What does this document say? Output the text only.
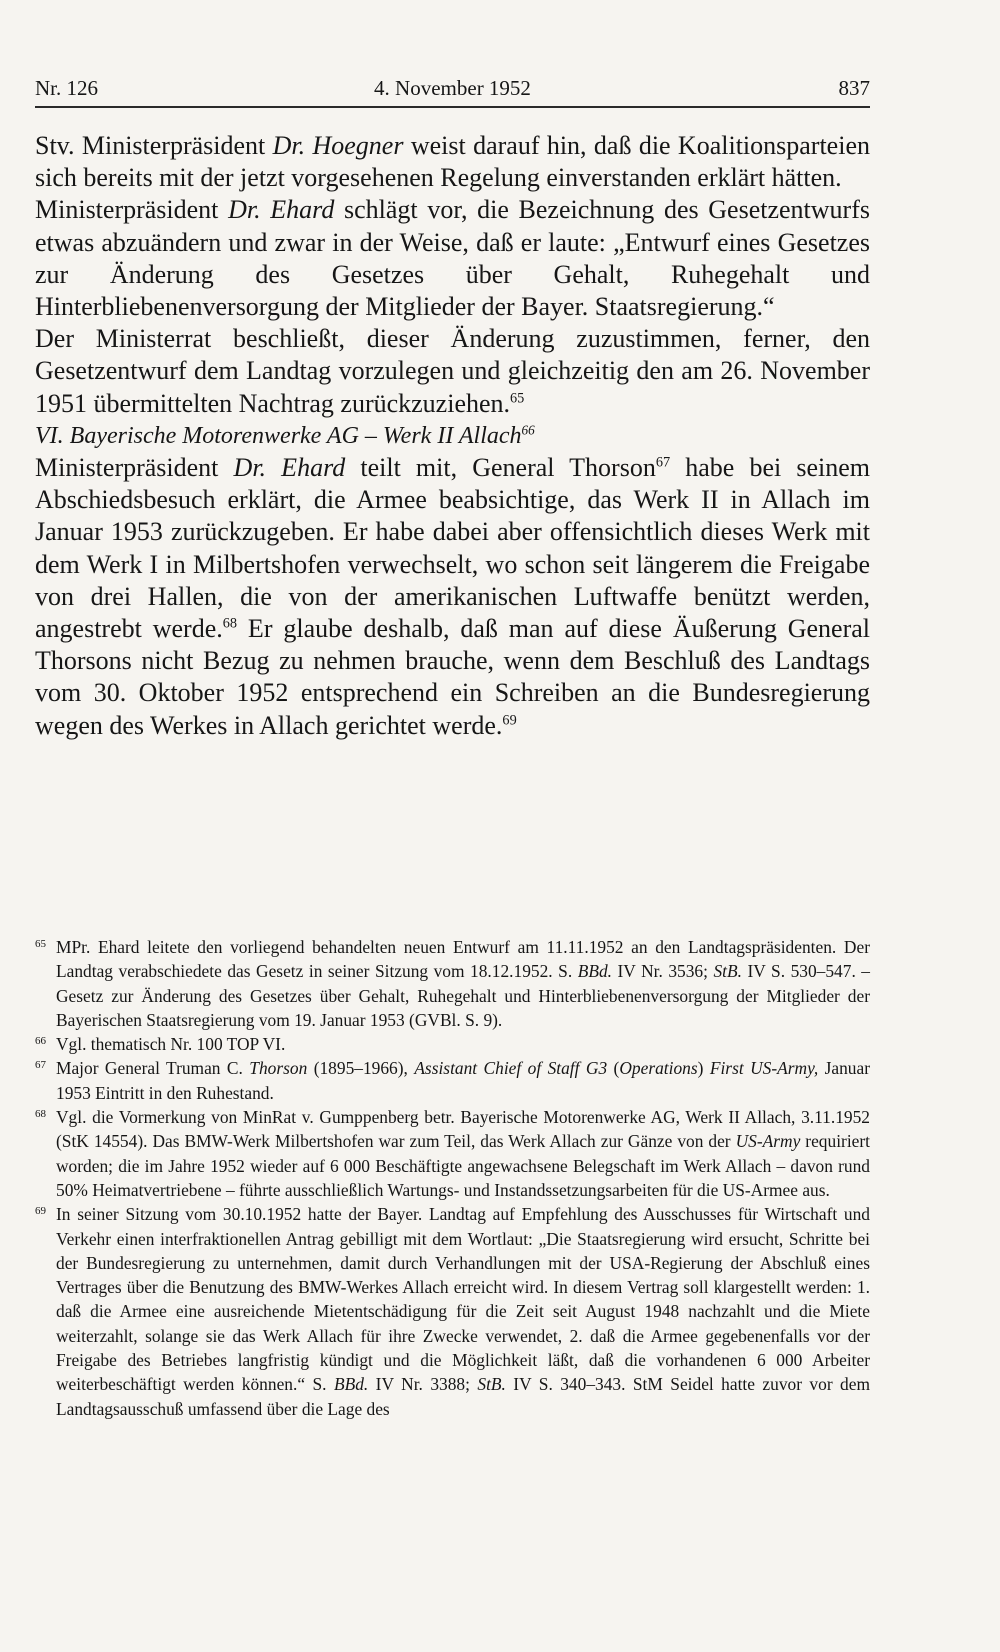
Nr. 126	4. November 1952	837

Stv. Ministerpräsident Dr. Hoegner weist darauf hin, daß die Koalitionsparteien sich bereits mit der jetzt vorgesehenen Regelung einverstanden erklärt hätten.

Ministerpräsident Dr. Ehard schlägt vor, die Bezeichnung des Gesetzentwurfs etwas abzuändern und zwar in der Weise, daß er laute: „Entwurf eines Gesetzes zur Änderung des Gesetzes über Gehalt, Ruhegehalt und Hinterbliebenenversorgung der Mitglieder der Bayer. Staatsregierung.“

Der Ministerrat beschließt, dieser Änderung zuzustimmen, ferner, den Gesetzentwurf dem Landtag vorzulegen und gleichzeitig den am 26. November 1951 übermittelten Nachtrag zurückzuziehen.$^{65}$

VI. Bayerische Motorenwerke AG – Werk II Allach$^{66}$

Ministerpräsident Dr. Ehard teilt mit, General Thorson$^{67}$ habe bei seinem Abschiedsbesuch erklärt, die Armee beabsichtige, das Werk II in Allach im Januar 1953 zurückzugeben. Er habe dabei aber offensichtlich dieses Werk mit dem Werk I in Milbertshofen verwechselt, wo schon seit längerem die Freigabe von drei Hallen, die von der amerikanischen Luftwaffe benützt werden, angestrebt werde.$^{68}$ Er glaube deshalb, daß man auf diese Äußerung General Thorsons nicht Bezug zu nehmen brauche, wenn dem Beschluß des Landtags vom 30. Oktober 1952 entsprechend ein Schreiben an die Bundesregierung wegen des Werkes in Allach gerichtet werde.$^{69}$

65 MPr. Ehard leitete den vorliegend behandelten neuen Entwurf am 11.11.1952 an den Landtagspräsidenten. Der Landtag verabschiedete das Gesetz in seiner Sitzung vom 18.12.1952. S. BBd. IV Nr. 3536; StB. IV S. 530–547. – Gesetz zur Änderung des Gesetzes über Gehalt, Ruhegehalt und Hinterbliebenenversorgung der Mitglieder der Bayerischen Staatsregierung vom 19. Januar 1953 (GVBl. S. 9).

66 Vgl. thematisch Nr. 100 TOP VI.

67 Major General Truman C. Thorson (1895–1966), Assistant Chief of Staff G3 (Operations) First US-Army, Januar 1953 Eintritt in den Ruhestand.

68 Vgl. die Vormerkung von MinRat v. Gumppenberg betr. Bayerische Motorenwerke AG, Werk II Allach, 3.11.1952 (StK 14554). Das BMW-Werk Milbertshofen war zum Teil, das Werk Allach zur Gänze von der US-Army requiriert worden; die im Jahre 1952 wieder auf 6 000 Beschäftigte angewachsene Belegschaft im Werk Allach – davon rund 50% Heimatvertriebene – führte ausschließlich Wartungs- und Instandssetzungsarbeiten für die US-Armee aus.

69 In seiner Sitzung vom 30.10.1952 hatte der Bayer. Landtag auf Empfehlung des Ausschusses für Wirtschaft und Verkehr einen interfraktionellen Antrag gebilligt mit dem Wortlaut: „Die Staatsregierung wird ersucht, Schritte bei der Bundesregierung zu unternehmen, damit durch Verhandlungen mit der USA-Regierung der Abschluß eines Vertrages über die Benutzung des BMW-Werkes Allach erreicht wird. In diesem Vertrag soll klargestellt werden: 1. daß die Armee eine ausreichende Mietentschädigung für die Zeit seit August 1948 nachzahlt und die Miete weiterzahlt, solange sie das Werk Allach für ihre Zwecke verwendet, 2. daß die Armee gegebenenfalls vor der Freigabe des Betriebes langfristig kündigt und die Möglichkeit läßt, daß die vorhandenen 6 000 Arbeiter weiterbeschäftigt werden können.“ S. BBd. IV Nr. 3388; StB. IV S. 340–343. StM Seidel hatte zuvor vor dem Landtagsausschuß umfassend über die Lage des
